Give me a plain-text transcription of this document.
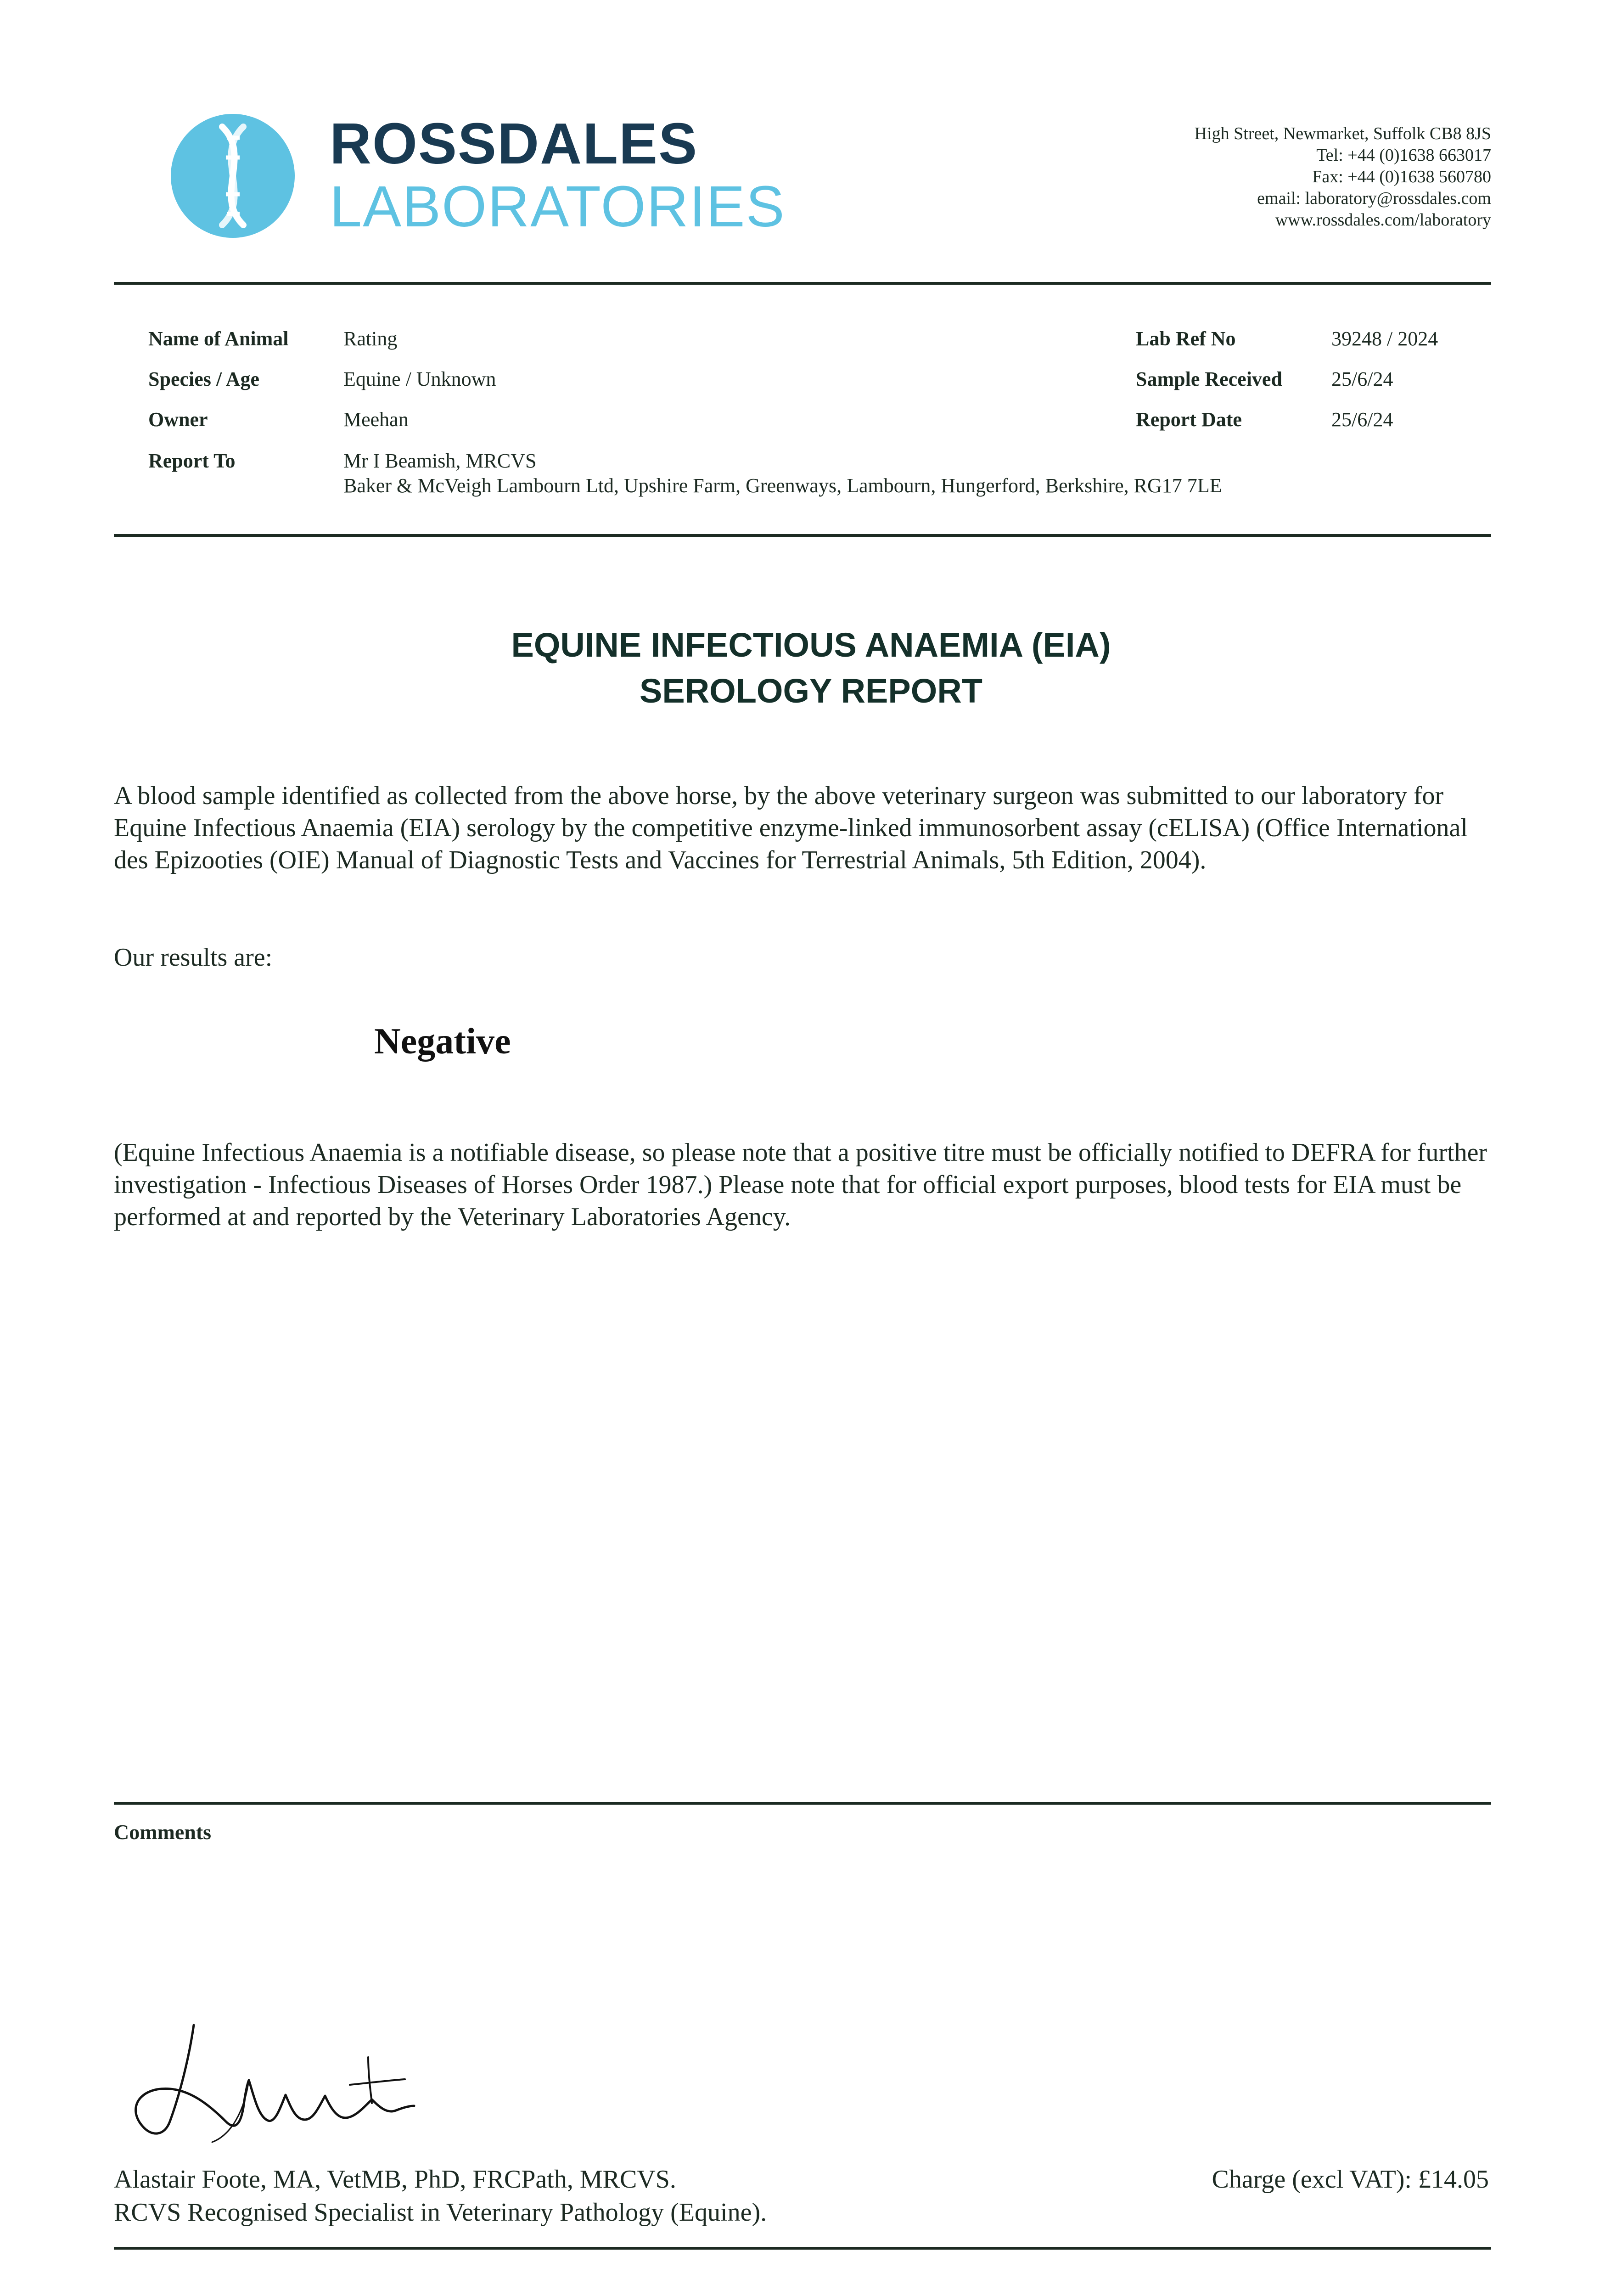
ROSSDALES
LABORATORIES
High Street, Newmarket, Suffolk CB8 8JS
Tel: +44 (0)1638 663017
Fax: +44 (0)1638 560780
email: laboratory@rossdales.com
www.rossdales.com/laboratory
Name of Animal	Rating
Species / Age	Equine / Unknown
Owner	Meehan
Report To	Mr I Beamish, MRCVS
Baker & McVeigh Lambourn Ltd, Upshire Farm, Greenways, Lambourn, Hungerford, Berkshire, RG17 7LE
Lab Ref No	39248 / 2024
Sample Received 25/6/24
Report Date	25/6/24
EQUINE INFECTIOUS ANAEMIA (EIA)
SEROLOGY REPORT
A blood sample identified as collected from the above horse, by the above veterinary surgeon was submitted to our laboratory for Equine Infectious Anaemia (EIA) serology by the competitive enzyme-linked immunosorbent assay (cELISA) (Office International des Epizooties (OIE) Manual of Diagnostic Tests and Vaccines for Terrestrial Animals, 5th Edition, 2004).
Our results are:
Negative
(Equine Infectious Anaemia is a notifiable disease, so please note that a positive titre must be officially notified to DEFRA for further investigation - Infectious Diseases of Horses Order 1987.) Please note that for official export purposes, blood tests for EIA must be performed at and reported by the Veterinary Laboratories Agency.
Comments
Alastair Foote, MA, VetMB, PhD, FRCPath, MRCVS.
RCVS Recognised Specialist in Veterinary Pathology (Equine).
Charge (excl VAT): £14.05
